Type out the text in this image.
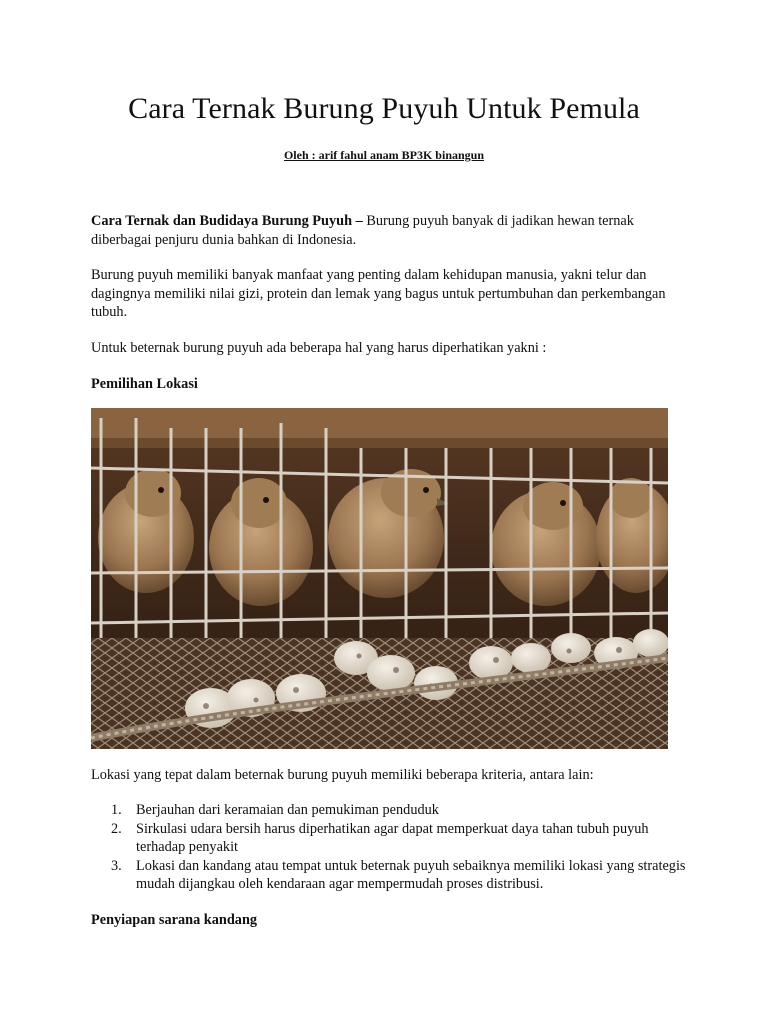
Cara Ternak Burung Puyuh Untuk Pemula
Oleh : arif fahul anam BP3K binangun

Cara Ternak dan Budidaya Burung Puyuh – Burung puyuh banyak di jadikan hewan ternak diberbagai penjuru dunia bahkan di Indonesia.

Burung puyuh memiliki banyak manfaat yang penting dalam kehidupan manusia, yakni telur dan dagingnya memiliki nilai gizi, protein dan lemak yang bagus untuk pertumbuhan dan perkembangan tubuh.

Untuk beternak burung puyuh ada beberapa hal yang harus diperhatikan yakni :

Pemilihan Lokasi

Lokasi yang tepat dalam beternak burung puyuh memiliki beberapa kriteria, antara lain:

1. Berjauhan dari keramaian dan pemukiman penduduk
2. Sirkulasi udara bersih harus diperhatikan agar dapat memperkuat daya tahan tubuh puyuh terhadap penyakit
3. Lokasi dan kandang atau tempat untuk beternak puyuh sebaiknya memiliki lokasi yang strategis mudah dijangkau oleh kendaraan agar mempermudah proses distribusi.

Penyiapan sarana kandang
